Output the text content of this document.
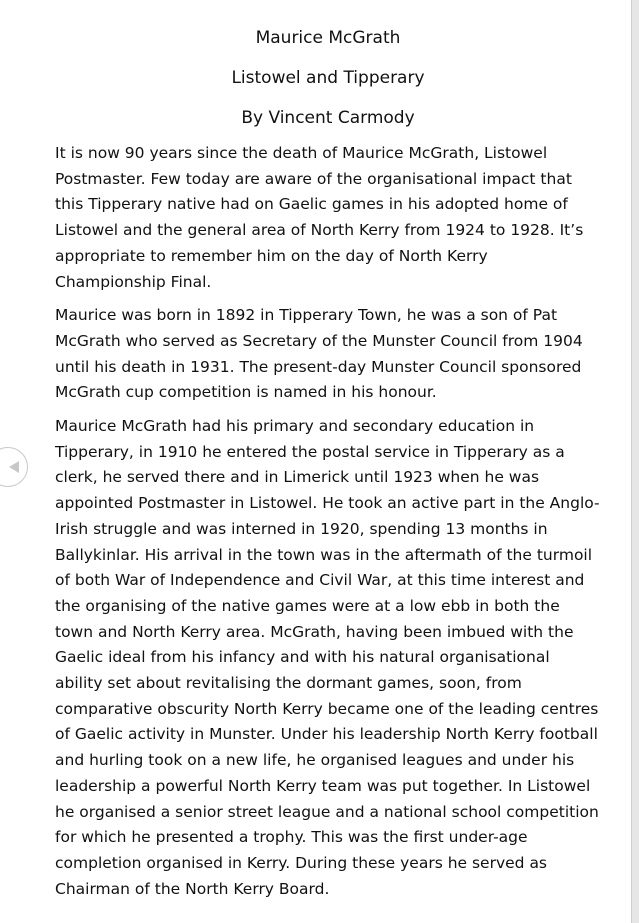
Maurice McGrath
Listowel and Tipperary
By Vincent Carmody

It is now 90 years since the death of Maurice McGrath, Listowel Postmaster. Few today are aware of the organisational impact that this Tipperary native had on Gaelic games in his adopted home of Listowel and the general area of North Kerry from 1924 to 1928. It’s appropriate to remember him on the day of North Kerry Championship Final.

Maurice was born in 1892 in Tipperary Town, he was a son of Pat McGrath who served as Secretary of the Munster Council from 1904 until his death in 1931. The present-day Munster Council sponsored McGrath cup competition is named in his honour.

Maurice McGrath had his primary and secondary education in Tipperary, in 1910 he entered the postal service in Tipperary as a clerk, he served there and in Limerick until 1923 when he was appointed Postmaster in Listowel. He took an active part in the Anglo-Irish struggle and was interned in 1920, spending 13 months in Ballykinlar. His arrival in the town was in the aftermath of the turmoil of both War of Independence and Civil War, at this time interest and the organising of the native games were at a low ebb in both the town and North Kerry area. McGrath, having been imbued with the Gaelic ideal from his infancy and with his natural organisational ability set about revitalising the dormant games, soon, from comparative obscurity North Kerry became one of the leading centres of Gaelic activity in Munster. Under his leadership North Kerry football and hurling took on a new life, he organised leagues and under his leadership a powerful North Kerry team was put together. In Listowel he organised a senior street league and a national school competition for which he presented a trophy. This was the first under-age completion organised in Kerry. During these years he served as Chairman of the North Kerry Board.
